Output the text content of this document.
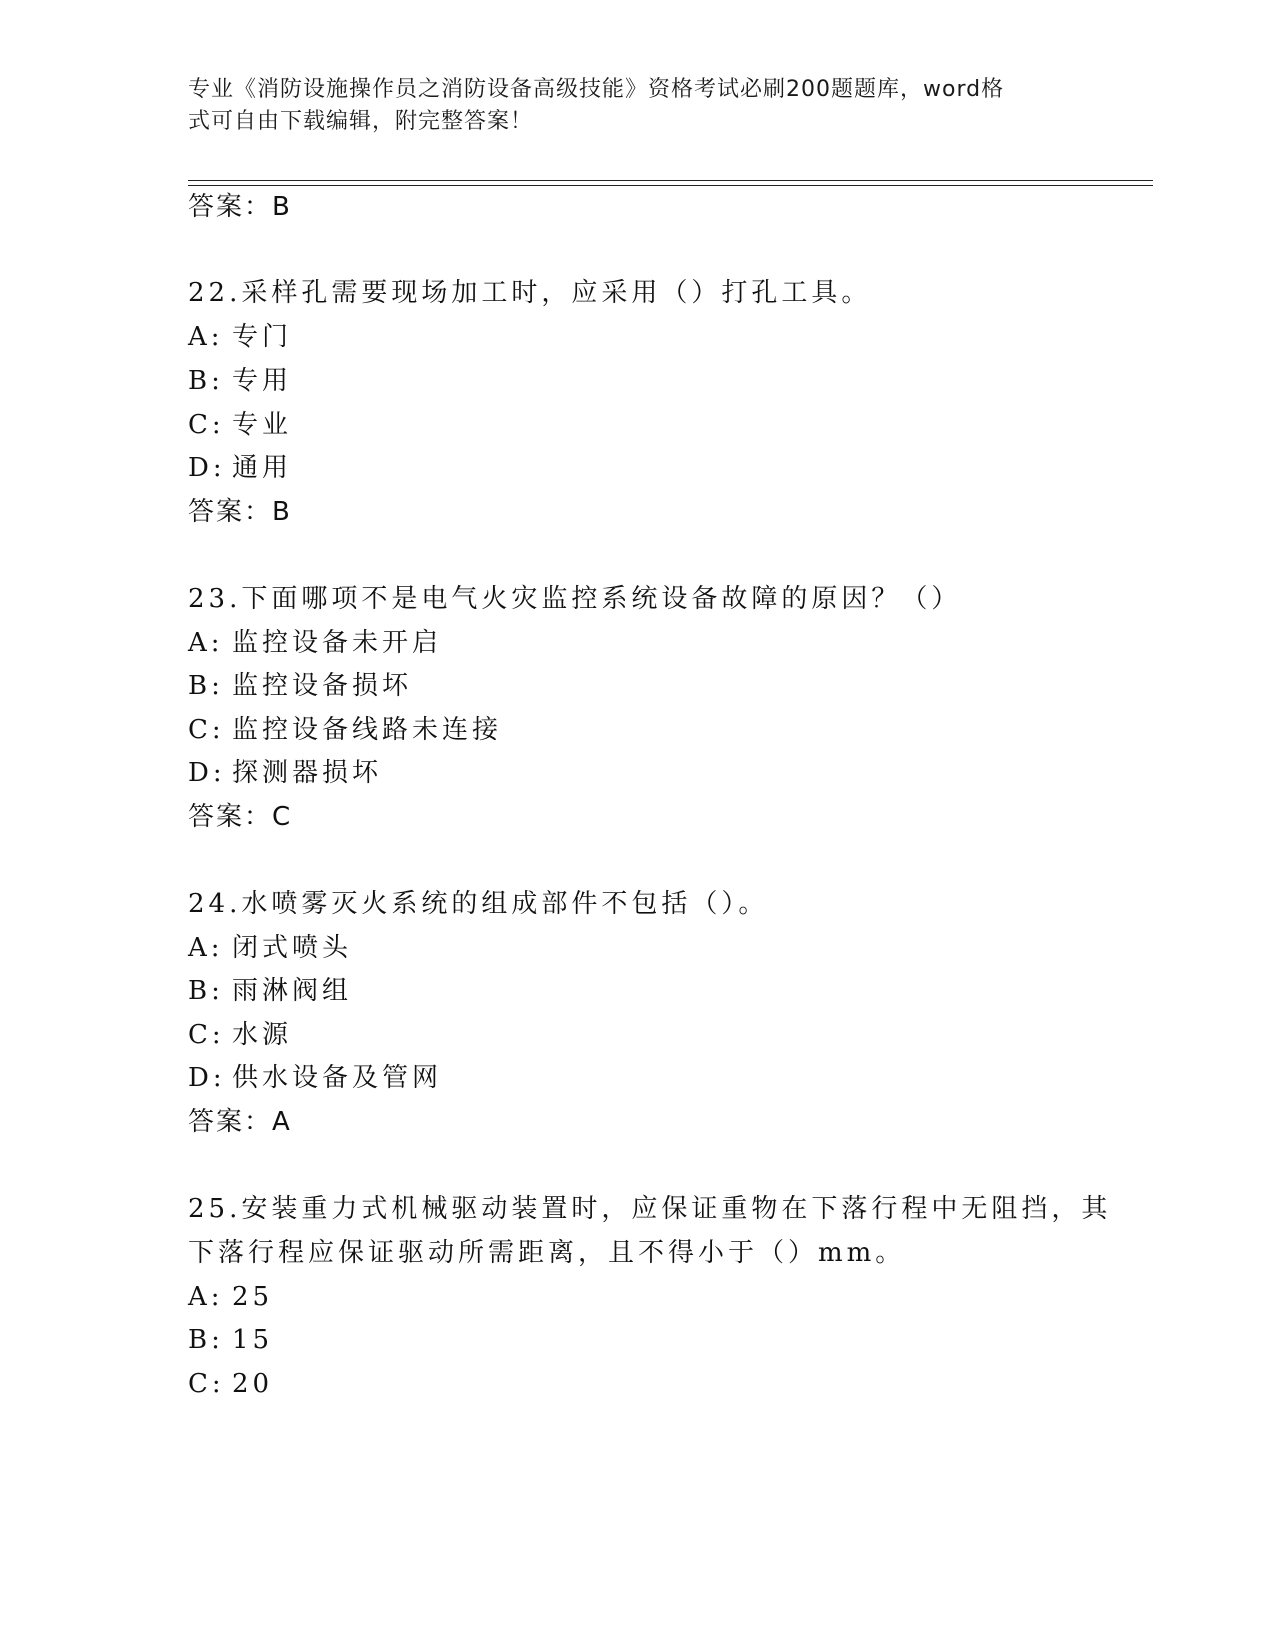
专业《消防设施操作员之消防设备高级技能》资格考试必刷200题题库，word格
式可自由下载编辑，附完整答案！
答案：B
22.采样孔需要现场加工时，应采用（）打孔工具。
A: 专门
B: 专用
C: 专业
D: 通用
答案：B
23.下面哪项不是电气火灾监控系统设备故障的原因？（）
A: 监控设备未开启
B: 监控设备损坏
C: 监控设备线路未连接
D: 探测器损坏
答案：C
24.水喷雾灭火系统的组成部件不包括（）。
A: 闭式喷头
B: 雨淋阀组
C: 水源
D: 供水设备及管网
答案：A
25.安装重力式机械驱动装置时，应保证重物在下落行程中无阻挡，其
下落行程应保证驱动所需距离，且不得小于（）mm。
A: 25
B: 15
C: 20
